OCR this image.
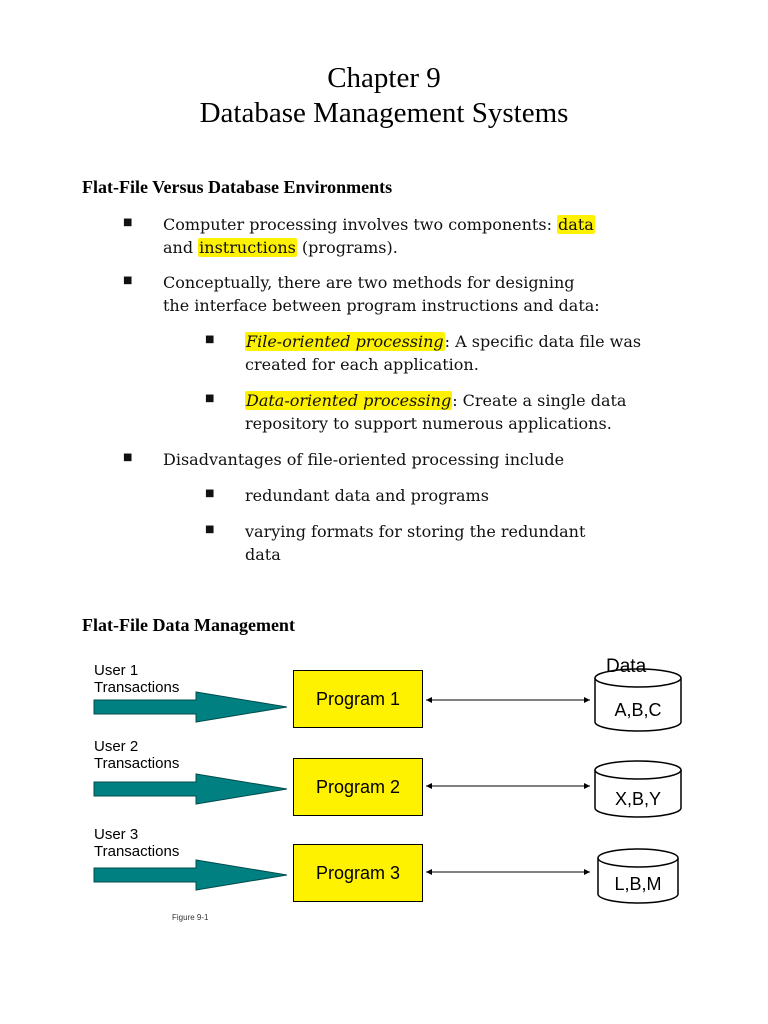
Chapter 9
Database Management Systems
Flat-File Versus Database Environments
■ Computer processing involves two components: data
and instructions (programs).
■ Conceptually, there are two methods for designing
the interface between program instructions and data:
■ File-oriented processing: A specific data file was
created for each application.
■ Data-oriented processing: Create a single data
repository to support numerous applications.
■ Disadvantages of file-oriented processing include
■ redundant data and programs
■ varying formats for storing the redundant
data
Flat-File Data Management
Data
User 1
Transactions
Program 1
A,B,C
User 2
Transactions
Program 2
X,B,Y
User 3
Transactions
Program 3
L,B,M
Figure 9-1
